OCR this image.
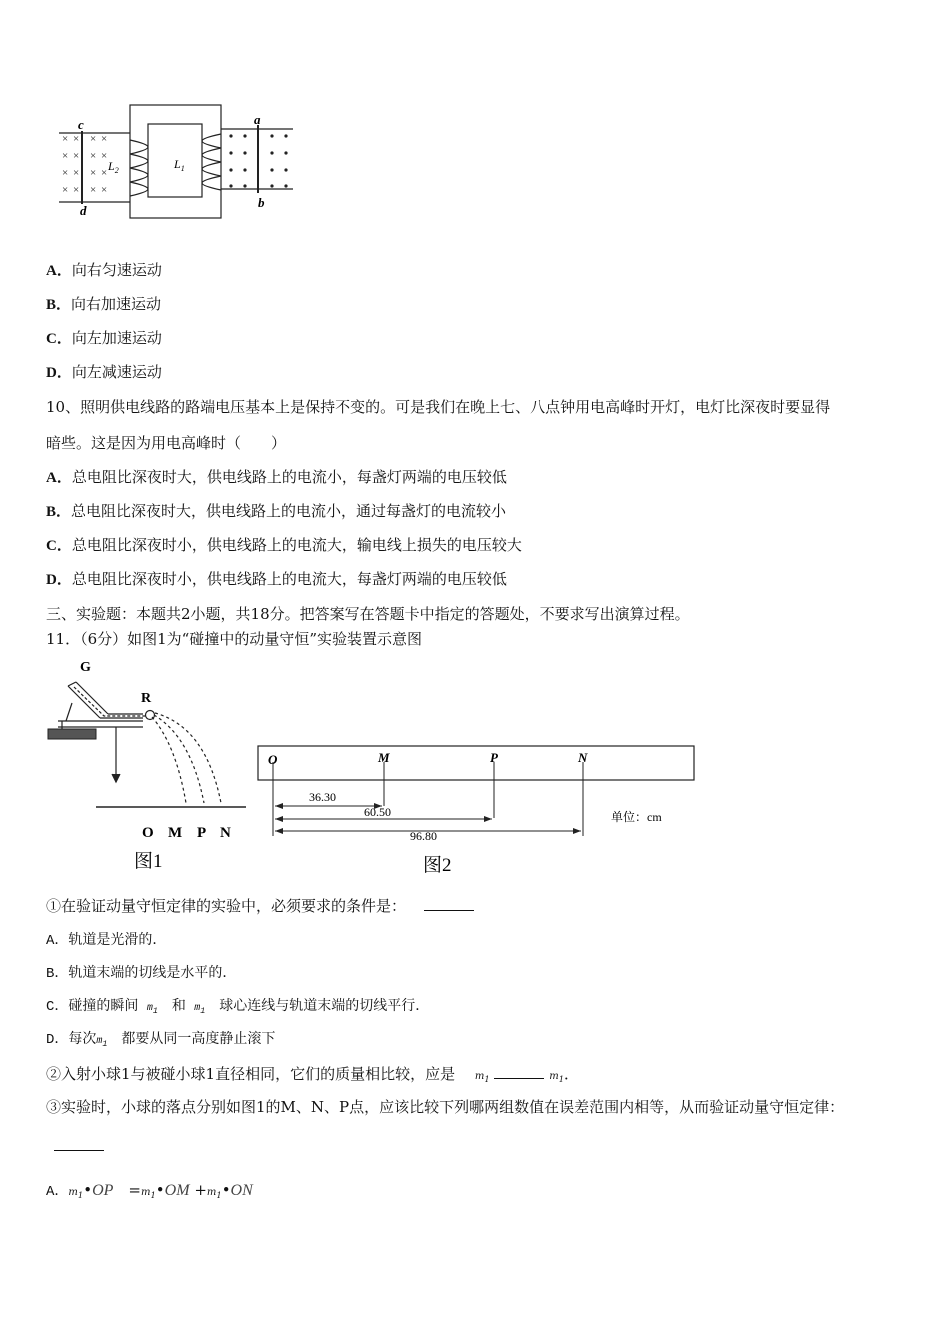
× × × ×
× × × ×
× × × ×
× × × ×
c
d
a
b
$L_2$	$L_1$
A．向右匀速运动
B．向右加速运动
C．向左加速运动
D．向左减速运动
10、照明供电线路的路端电压基本上是保持不变的。可是我们在晚上七、八点钟用电高峰时开灯，电灯比深夜时要显得
暗些。这是因为用电高峰时（　　）
A．总电阻比深夜时大，供电线路上的电流小，每盏灯两端的电压较低
B．总电阻比深夜时大，供电线路上的电流小，通过每盏灯的电流较小
C．总电阻比深夜时小，供电线路上的电流大，输电线上损失的电压较大
D．总电阻比深夜时小，供电线路上的电流大，每盏灯两端的电压较低
三、实验题：本题共2小题，共18分。把答案写在答题卡中指定的答题处，不要求写出演算过程。
11．（6分）如图1为“碰撞中的动量守恒”实验装置示意图
G
R
O M P N
图1
O	M	P	N
36.30
60.50
96.80
单位：cm
图2
①在验证动量守恒定律的实验中，必须要求的条件是：
A．轨道是光滑的．
B．轨道末端的切线是水平的．
C．碰撞的瞬间 $m_1$　 和 $m_1$　 球心连线与轨道末端的切线平行．
D．每次$m_1$　 都要从同一高度静止滚下
②入射小球1与被碰小球1直径相同，它们的质量相比较，应是　 $m_1$	$m_1$．
③实验时，小球的落点分别如图1的M、N、P点，应该比较下列哪两组数值在误差范围内相等，从而验证动量守恒定律：
A．$m_1•OP$　 $=m_1•OM$ $+m_1•ON$
